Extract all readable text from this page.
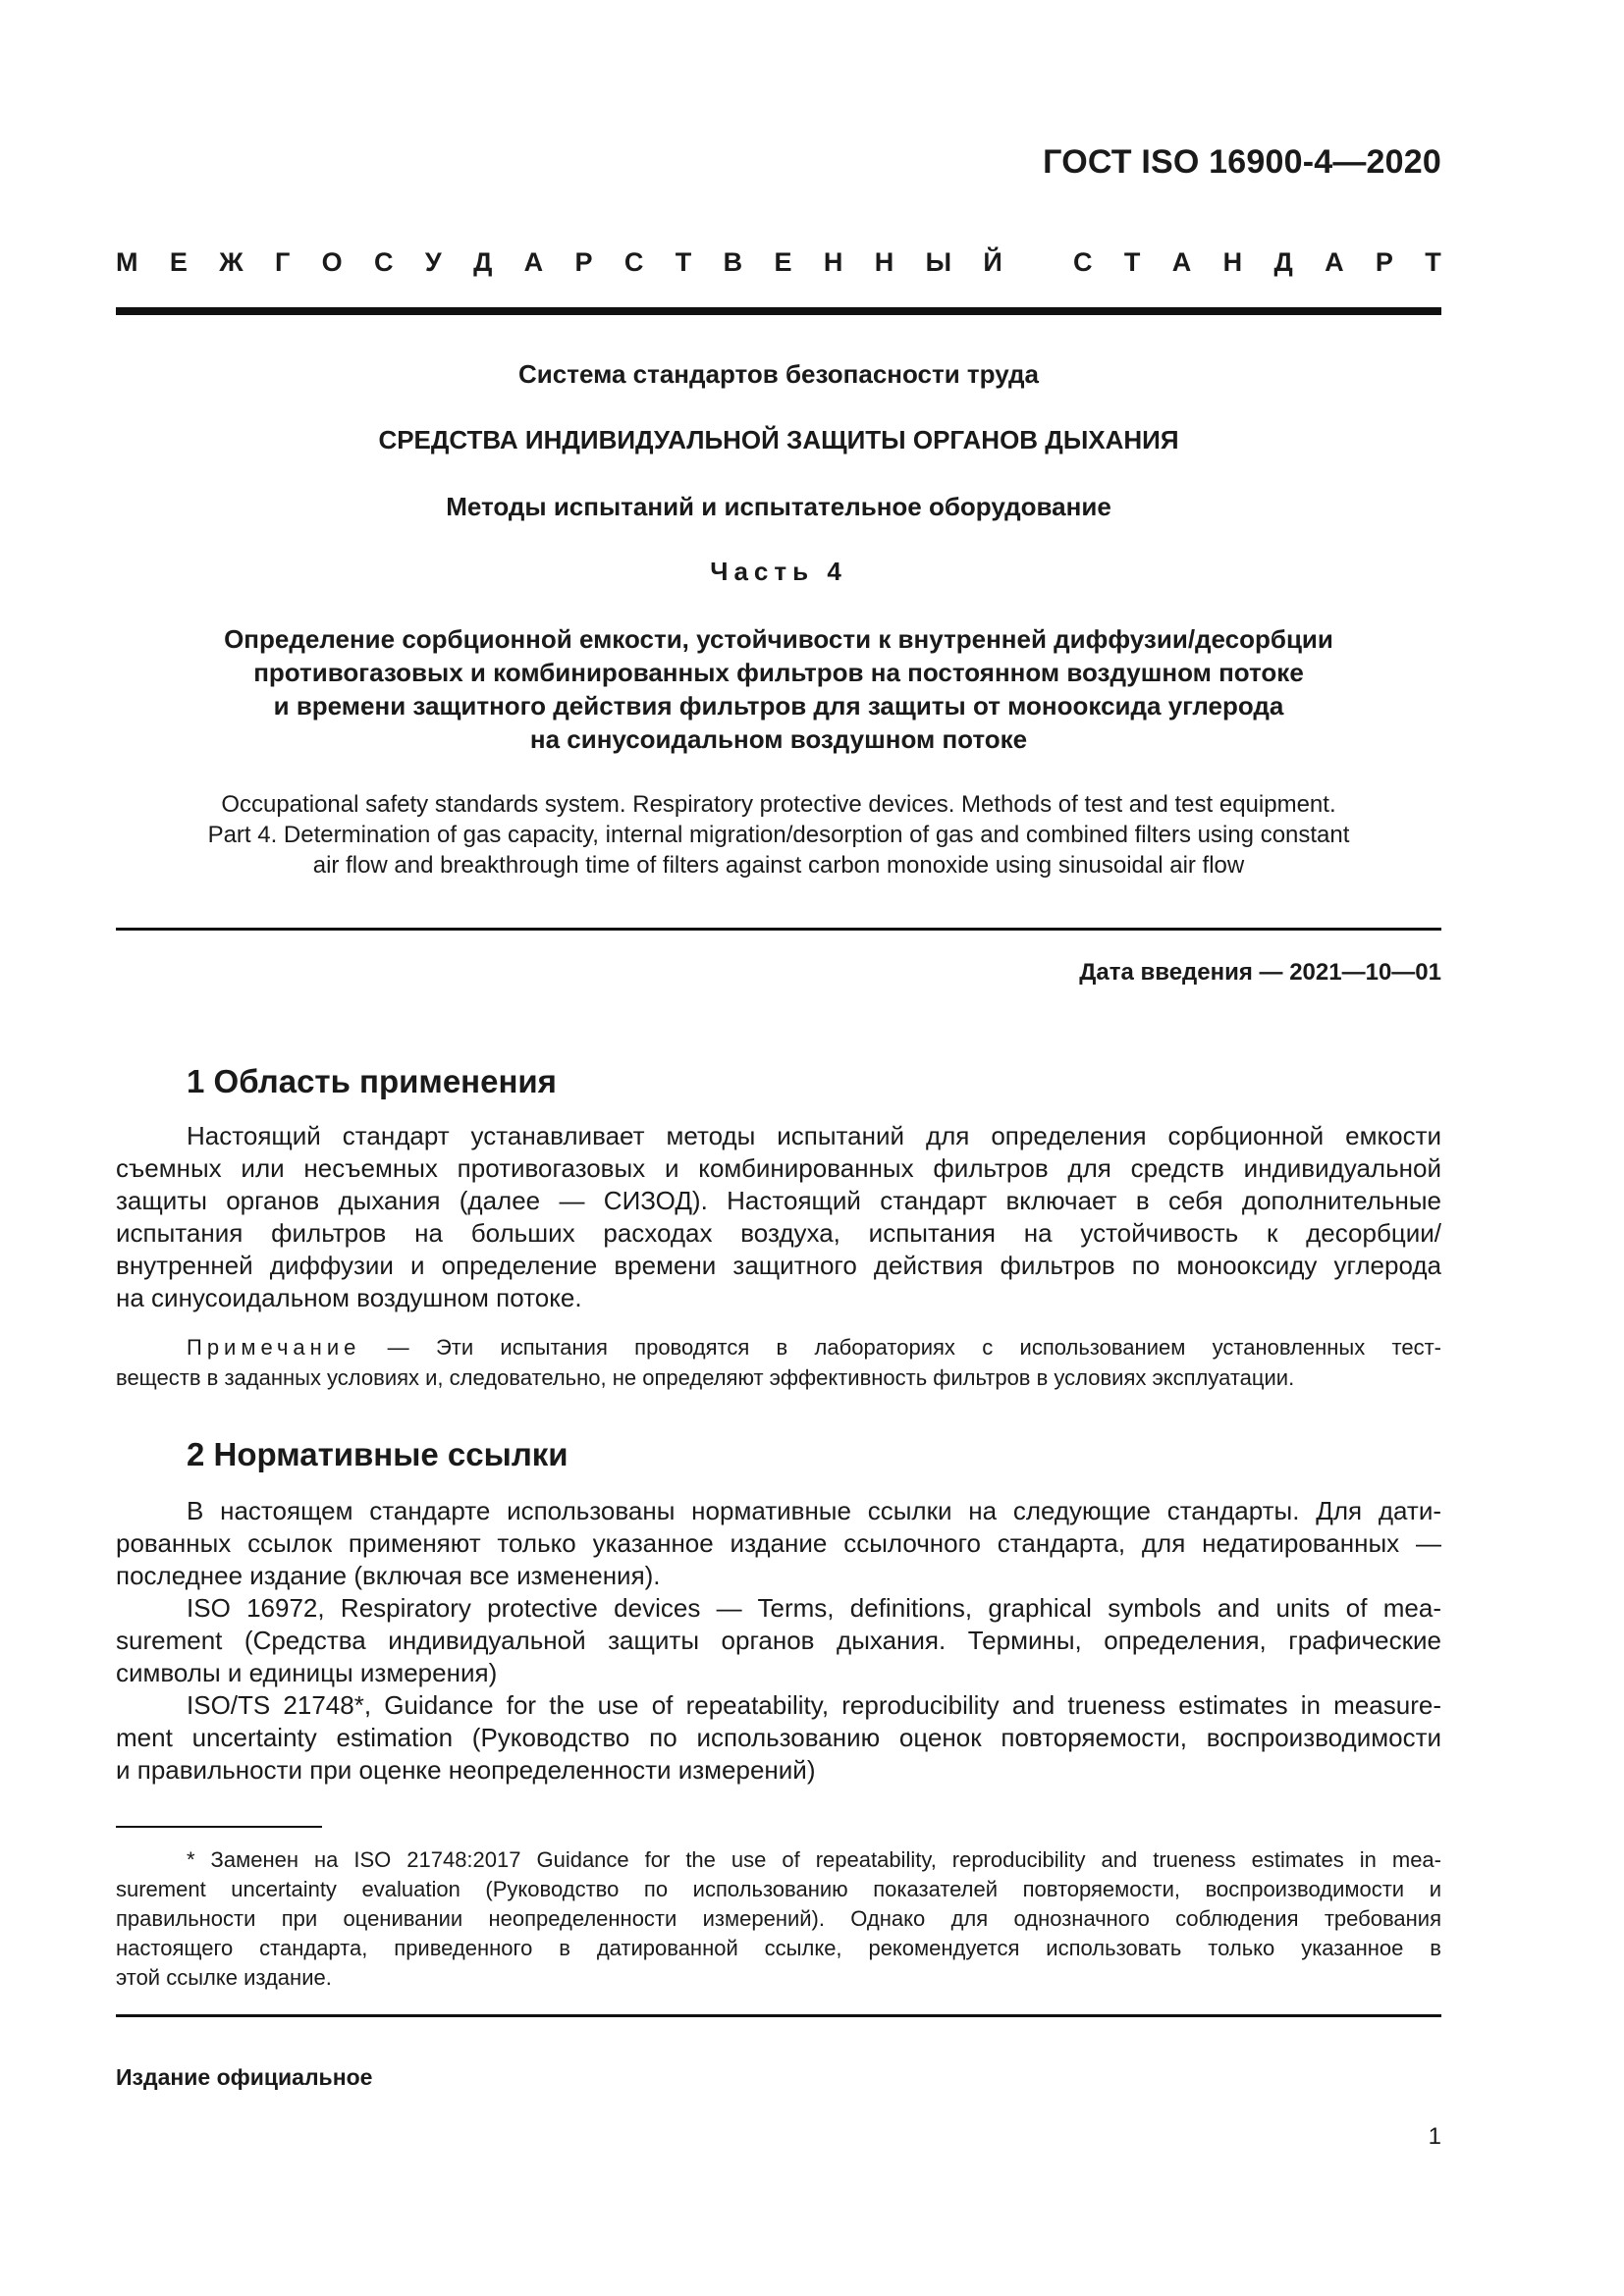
ГОСТ ISO 16900-4—2020
М Е Ж Г О С У Д А Р С Т В Е Н Н Ы Й
	С Т А Н Д А Р Т
Система стандартов безопасности труда
СРЕДСТВА ИНДИВИДУАЛЬНОЙ ЗАЩИТЫ ОРГАНОВ ДЫХАНИЯ
Методы испытаний и испытательное оборудование
Часть 4
Определение сорбционной емкости, устойчивости к внутренней диффузии/десорбции
противогазовых и комбинированных фильтров на постоянном воздушном потоке
и времени защитного действия фильтров для защиты от монооксида углерода
на синусоидальном воздушном потоке
Occupational safety standards system. Respiratory protective devices. Methods of test and test equipment.
Part 4. Determination of gas capacity, internal migration/desorption of gas and combined filters using constant
air flow and breakthrough time of filters against carbon monoxide using sinusoidal air flow
Дата введения — 2021—10—01
1 Область применения
Настоящий стандарт устанавливает методы испытаний для определения сорбционной емкости
съемных или несъемных противогазовых и комбинированных фильтров для средств индивидуальной
защиты органов дыхания (далее — СИЗОД). Настоящий стандарт включает в себя дополнительные
испытания фильтров на больших расходах воздуха, испытания на устойчивость к десорбции/
внутренней диффузии и определение времени защитного действия фильтров по монооксиду углерода
на синусоидальном воздушном потоке.
Примечание — Эти испытания проводятся в лабораториях с использованием установленных тест-
веществ в заданных условиях и, следовательно, не определяют эффективность фильтров в условиях эксплуатации.
2 Нормативные ссылки
В настоящем стандарте использованы нормативные ссылки на следующие стандарты. Для дати-
рованных ссылок применяют только указанное издание ссылочного стандарта, для недатированных —
последнее издание (включая все изменения).
ISO 16972, Respiratory protective devices — Terms, definitions, graphical symbols and units of mea-
surement (Средства индивидуальной защиты органов дыхания. Термины, определения, графические
символы и единицы измерения)
ISO/TS 21748*, Guidance for the use of repeatability, reproducibility and trueness estimates in measure-
ment uncertainty estimation (Руководство по использованию оценок повторяемости, воспроизводимости
и правильности при оценке неопределенности измерений)
* Заменен на ISO 21748:2017 Guidance for the use of repeatability, reproducibility and trueness estimates in mea-
surement uncertainty evaluation (Руководство по использованию показателей повторяемости, воспроизводимости и
правильности при оценивании неопределенности измерений). Однако для однозначного соблюдения требования
настоящего стандарта, приведенного в датированной ссылке, рекомендуется использовать только указанное в
этой ссылке издание.
Издание официальное
1
